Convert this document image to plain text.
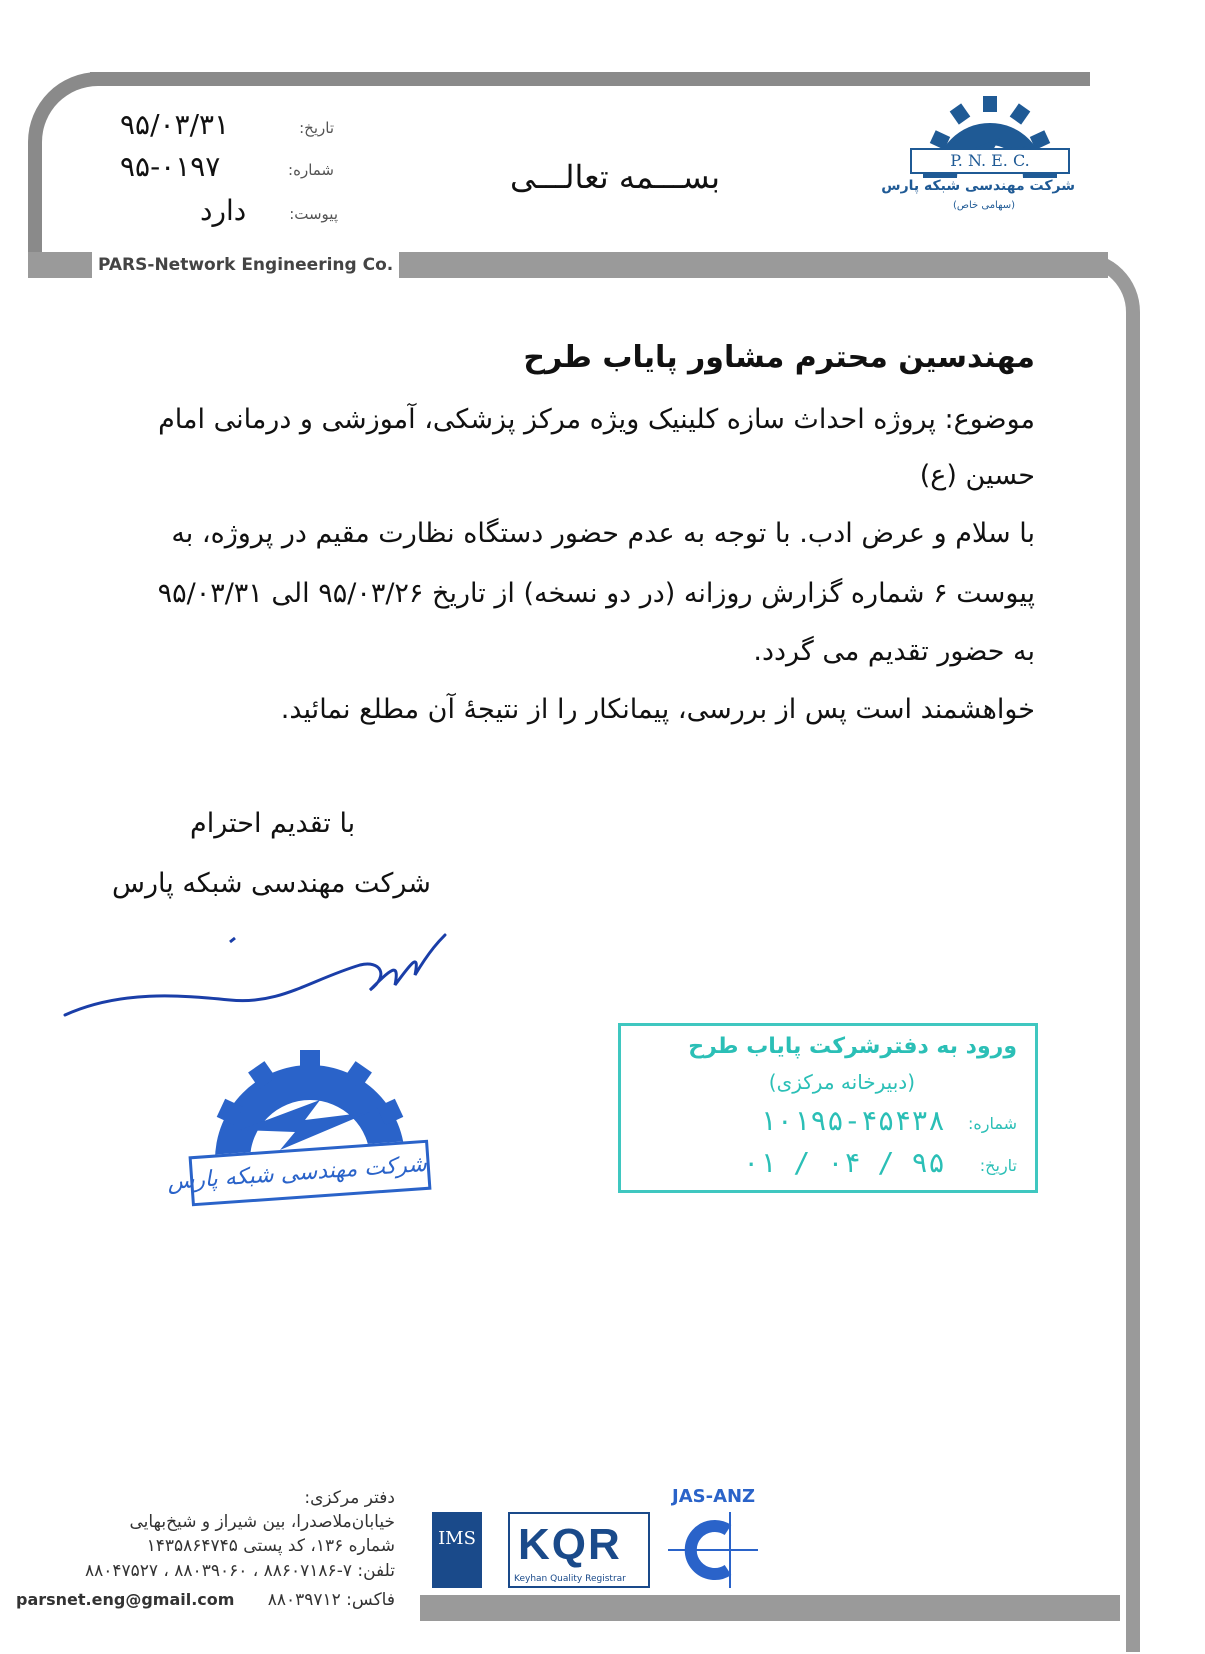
PARS-Network Engineering Co.
تاریخ:
۹۵/۰۳/۳۱
شماره:
۹۵-۰۱۹۷
پیوست:
دارد
بســـمه تعالـــی	P. N. E. C.
شرکت مهندسی شبکه پارس
(سهامی خاص)
مهندسین محترم مشاور پایاب طرح
موضوع: پروژه احداث سازه کلینیک ویژه مرکز پزشکی، آموزشی و درمانی امام
حسین (ع)
با سلام و عرض ادب. با توجه به عدم حضور دستگاه نظارت مقیم در پروژه، به
پیوست ۶ شماره گزارش روزانه (در دو نسخه) از تاریخ ۹۵/۰۳/۲۶ الی ۹۵/۰۳/۳۱
به حضور تقدیم می گردد.
خواهشمند است پس از بررسی، پیمانکار را از نتیجهٔ آن مطلع نمائید.
با تقدیم احترام
شرکت مهندسی شبکه پارس
شرکت مهندسی شبکه پارس
ورود به دفترشرکت پایاب طرح
(دبیرخانه مرکزی)
شماره:
۱۰۱۹۵-۴۵۴۳۸
تاریخ:
۹۵ / ۰۴ / ۰۱
دفتر مرکزی:
خیابان‌ملاصدرا، بین شیراز و شیخ‌بهایی
شماره ۱۳۶، کد پستی ۱۴۳۵۸۶۴۷۴۵
تلفن: ۷-۸۸۶۰۷۱۸۶ ، ۸۸۰۳۹۰۶۰ ، ۸۸۰۴۷۵۲۷
فاکس: ۸۸۰۳۹۷۱۲
parsnet.eng@gmail.com
IMS KQR
Keyhan Quality Registrar
JAS-ANZ
